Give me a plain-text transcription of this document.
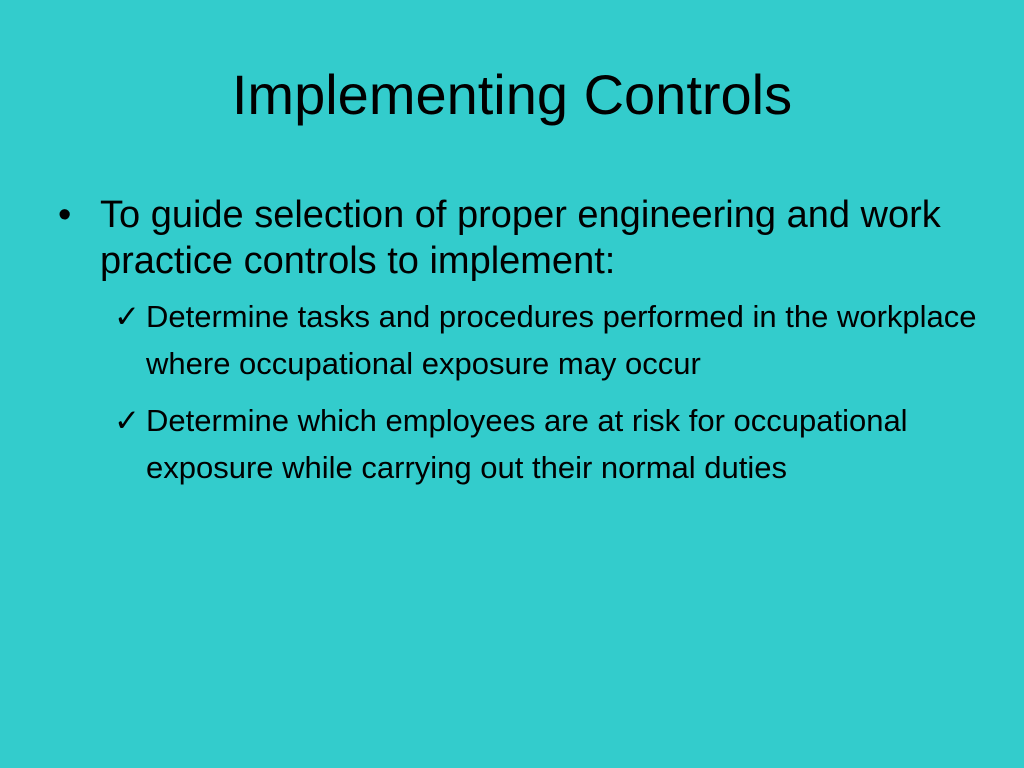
Implementing Controls
• To guide selection of proper engineering and work practice controls to implement:
✓ Determine tasks and procedures performed in the workplace where occupational exposure may occur
✓ Determine which employees are at risk for occupational exposure while carrying out their normal duties
